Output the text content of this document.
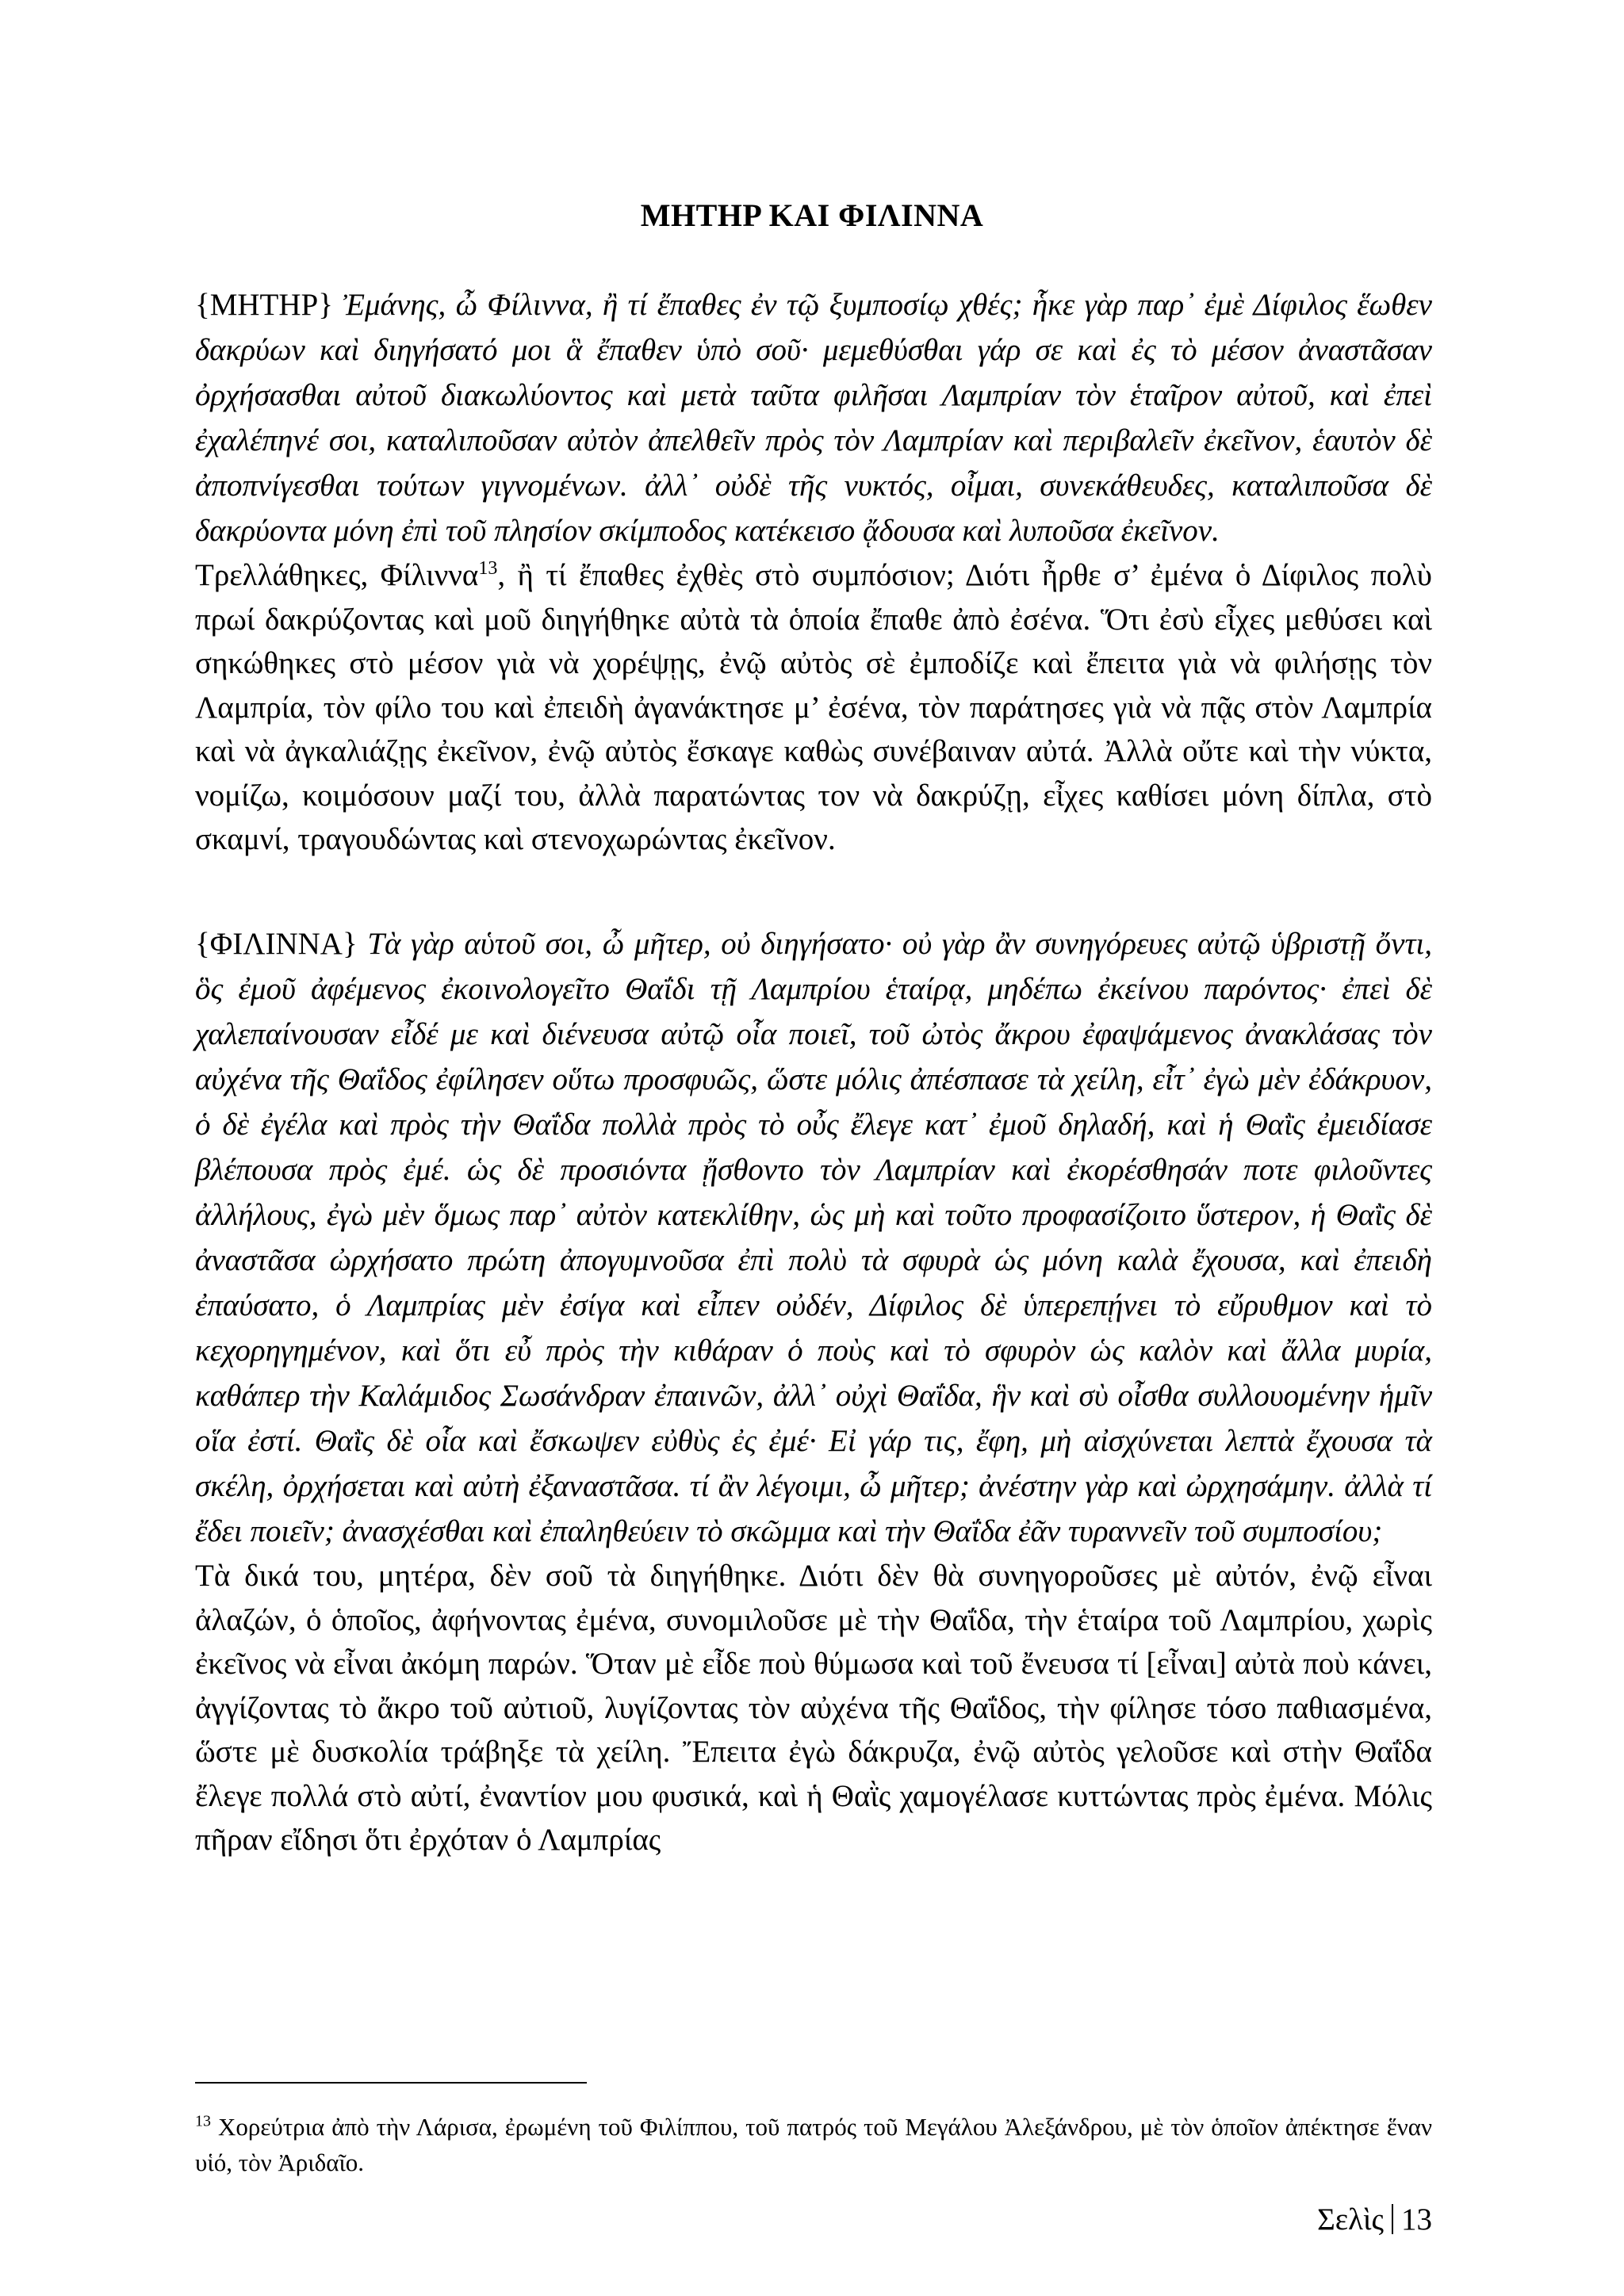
ΜΗΤΗΡ ΚΑΙ ΦΙΛΙΝΝΑ
{ΜΗΤΗΡ} Ἐμάνης, ὦ Φίλιννα, ἢ τί ἔπαθες ἐν τῷ ξυμποσίῳ χθές; ἧκε γὰρ παρ᾽ ἐμὲ Δίφιλος ἕωθεν δακρύων καὶ διηγήσατό μοι ἃ ἔπαθεν ὑπὸ σοῦ· μεμεθύσθαι γάρ σε καὶ ἐς τὸ μέσον ἀναστᾶσαν ὀρχήσασθαι αὐτοῦ διακωλύοντος καὶ μετὰ ταῦτα φιλῆσαι Λαμπρίαν τὸν ἑταῖρον αὐτοῦ, καὶ ἐπεὶ ἐχαλέπηνέ σοι, καταλιποῦσαν αὐτὸν ἀπελθεῖν πρὸς τὸν Λαμπρίαν καὶ περιβαλεῖν ἐκεῖνον, ἑαυτὸν δὲ ἀποπνίγεσθαι τούτων γιγνομένων. ἀλλ᾽ οὐδὲ τῆς νυκτός, οἶμαι, συνεκάθευδες, καταλιποῦσα δὲ δακρύοντα μόνη ἐπὶ τοῦ πλησίον σκίμποδος κατέκεισο ᾄδουσα καὶ λυποῦσα ἐκεῖνον.
Τρελλάθηκες, Φίλιννα$^{13}$, ἢ τί ἔπαθες ἐχθὲς στὸ συμπόσιον; Διότι ἦρθε σ’ ἐμένα ὁ Δίφιλος πολὺ πρωί δακρύζοντας καὶ μοῦ διηγήθηκε αὐτὰ τὰ ὁποία ἔπαθε ἀπὸ ἐσένα. Ὅτι ἐσὺ εἶχες μεθύσει καὶ σηκώθηκες στὸ μέσον γιὰ νὰ χορέψῃς, ἐνῷ αὐτὸς σὲ ἐμποδίζε καὶ ἔπειτα γιὰ νὰ φιλήσῃς τὸν Λαμπρία, τὸν φίλο του καὶ ἐπειδὴ ἀγανάκτησε μ’ ἐσένα, τὸν παράτησες γιὰ νὰ πᾷς στὸν Λαμπρία καὶ νὰ ἀγκαλιάζῃς ἐκεῖνον, ἐνῷ αὐτὸς ἔσκαγε καθὼς συνέβαιναν αὐτά. Ἀλλὰ οὔτε καὶ τὴν νύκτα, νομίζω, κοιμόσουν μαζί του, ἀλλὰ παρατώντας τον νὰ δακρύζῃ, εἶχες καθίσει μόνη δίπλα, στὸ σκαμνί, τραγουδώντας καὶ στενοχωρώντας ἐκεῖνον.
{ΦΙΛΙΝΝΑ} Τὰ γὰρ αὑτοῦ σοι, ὦ μῆτερ, οὐ διηγήσατο· οὐ γὰρ ἂν συνηγόρευες αὐτῷ ὑβριστῇ ὄντι, ὃς ἐμοῦ ἀφέμενος ἐκοινολογεῖτο Θαΐδι τῇ Λαμπρίου ἑταίρᾳ, μηδέπω ἐκείνου παρόντος· ἐπεὶ δὲ χαλεπαίνουσαν εἶδέ με καὶ διένευσα αὐτῷ οἷα ποιεῖ, τοῦ ὠτὸς ἄκρου ἐφαψάμενος ἀνακλάσας τὸν αὐχένα τῆς Θαΐδος ἐφίλησεν οὕτω προσφυῶς, ὥστε μόλις ἀπέσπασε τὰ χείλη, εἶτ᾽ ἐγὼ μὲν ἐδάκρυον, ὁ δὲ ἐγέλα καὶ πρὸς τὴν Θαΐδα πολλὰ πρὸς τὸ οὖς ἔλεγε κατ᾽ ἐμοῦ δηλαδή, καὶ ἡ Θαῒς ἐμειδίασε βλέπουσα πρὸς ἐμέ. ὡς δὲ προσιόντα ᾔσθοντο τὸν Λαμπρίαν καὶ ἐκορέσθησάν ποτε φιλοῦντες ἀλλήλους, ἐγὼ μὲν ὅμως παρ᾽ αὐτὸν κατεκλίθην, ὡς μὴ καὶ τοῦτο προφασίζοιτο ὕστερον, ἡ Θαῒς δὲ ἀναστᾶσα ὠρχήσατο πρώτη ἀπογυμνοῦσα ἐπὶ πολὺ τὰ σφυρὰ ὡς μόνη καλὰ ἔχουσα, καὶ ἐπειδὴ ἐπαύσατο, ὁ Λαμπρίας μὲν ἐσίγα καὶ εἶπεν οὐδέν, Δίφιλος δὲ ὑπερεπῄνει τὸ εὔρυθμον καὶ τὸ κεχορηγημένον, καὶ ὅτι εὖ πρὸς τὴν κιθάραν ὁ ποὺς καὶ τὸ σφυρὸν ὡς καλὸν καὶ ἄλλα μυρία, καθάπερ τὴν Καλάμιδος Σωσάνδραν ἐπαινῶν, ἀλλ᾽ οὐχὶ Θαΐδα, ἣν καὶ σὺ οἶσθα συλλουομένην ἡμῖν οἵα ἐστί. Θαῒς δὲ οἷα καὶ ἔσκωψεν εὐθὺς ἐς ἐμέ· Εἰ γάρ τις, ἔφη, μὴ αἰσχύνεται λεπτὰ ἔχουσα τὰ σκέλη, ὀρχήσεται καὶ αὐτὴ ἐξαναστᾶσα. τί ἂν λέγοιμι, ὦ μῆτερ; ἀνέστην γὰρ καὶ ὠρχησάμην. ἀλλὰ τί ἔδει ποιεῖν; ἀνασχέσθαι καὶ ἐπαληθεύειν τὸ σκῶμμα καὶ τὴν Θαΐδα ἐᾶν τυραννεῖν τοῦ συμποσίου;
Τὰ δικά του, μητέρα, δὲν σοῦ τὰ διηγήθηκε. Διότι δὲν θὰ συνηγοροῦσες μὲ αὐτόν, ἐνῷ εἶναι ἀλαζών, ὁ ὁποῖος, ἀφήνοντας ἐμένα, συνομιλοῦσε μὲ τὴν Θαΐδα, τὴν ἑταίρα τοῦ Λαμπρίου, χωρὶς ἐκεῖνος νὰ εἶναι ἀκόμη παρών. Ὅταν μὲ εἶδε ποὺ θύμωσα καὶ τοῦ ἔνευσα τί [εἶναι] αὐτὰ ποὺ κάνει, ἀγγίζοντας τὸ ἄκρο τοῦ αὐτιοῦ, λυγίζοντας τὸν αὐχένα τῆς Θαΐδος, τὴν φίλησε τόσο παθιασμένα, ὥστε μὲ δυσκολία τράβηξε τὰ χείλη. Ἔπειτα ἐγὼ δάκρυζα, ἐνῷ αὐτὸς γελοῦσε καὶ στὴν Θαΐδα ἔλεγε πολλά στὸ αὐτί, ἐναντίον μου φυσικά, καὶ ἡ Θαῒς χαμογέλασε κυττώντας πρὸς ἐμένα. Μόλις πῆραν εἴδησι ὅτι ἐρχόταν ὁ Λαμπρίας
$^{13}$ Χορεύτρια ἀπὸ τὴν Λάρισα, ἐρωμένη τοῦ Φιλίππου, τοῦ πατρός τοῦ Μεγάλου Ἀλεξάνδρου, μὲ τὸν ὁποῖον ἀπέκτησε ἕναν υἱό, τὸν Ἀριδαῖο.
Σελὶς 13
